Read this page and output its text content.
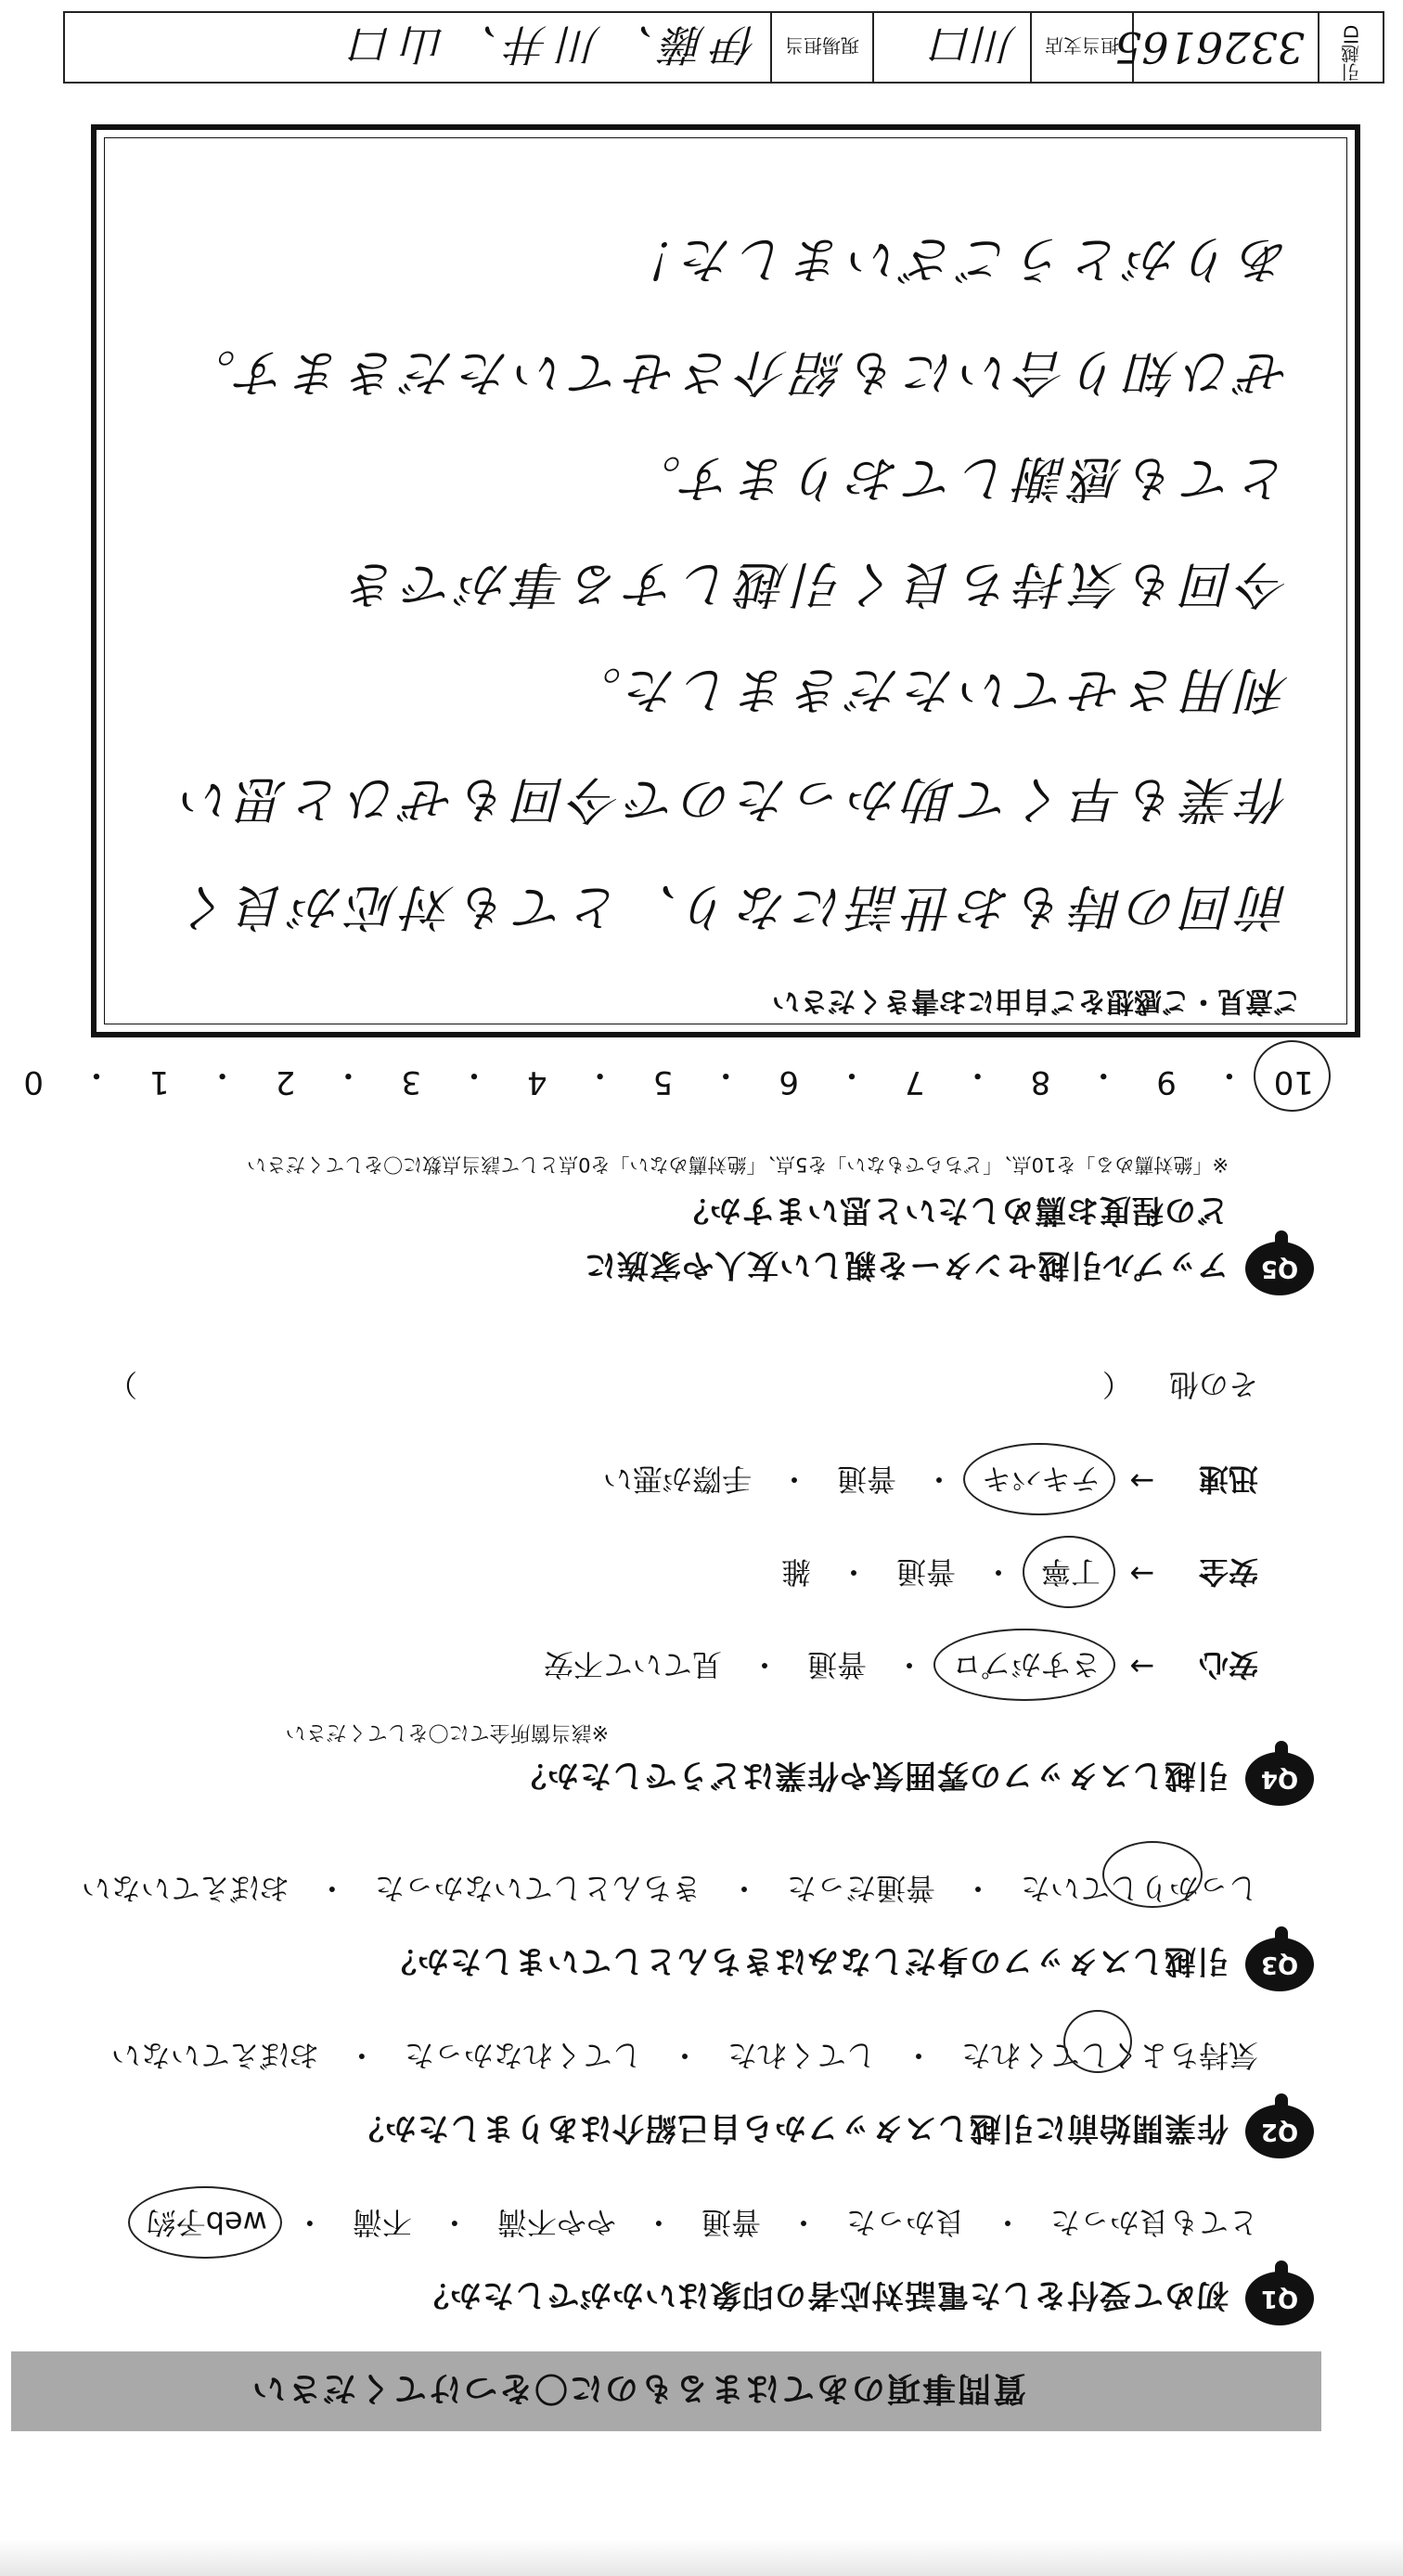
質問事項のあてはまるものに〇をつけてください
Q1
初めて受付をした電話対応者の印象はいかがでしたか？
とても良かった
・
良かった
・
普通
・
やや不満
・
不満
・
web予約
Q2
作業開始前に引越しスタッフから自己紹介はありましたか？
気持ちよくしてくれた
・
してくれた
・
してくれなかった
・
おぼえていない
Q3
引越しスタッフの身だしなみはきちんとしていましたか？
しっかりしていた
・
普通だった
・
きちんとしていなかった
・
おぼえていない
Q4
引越しスタッフの雰囲気や作業はどうでしたか？
※該当箇所全てに〇をしてください
安心
→
さすがプロ
・
普通
・
見ていて不安
安全
→
丁寧
・
普通
・
雑
迅速
→
テキパキ
・
普通
・
手際が悪い
その他
（
）
Q5
アップル引越センターを親しい友人や家族に
どの程度お薦めしたいと思いますか？
※「絶対薦める」を10点、「どちらでもない」を5点、「絶対薦めない」を0点として該当点数に〇をしてください
10
・
9
・
8
・
7
・
6
・
5
・
4
・
3
・
2
・
1
・
0
前回の時もお世話になり、とても対応が良く
作業も早くて助かったので今回もぜひと思い
利用させていただきました。
今回も気持ち良く引越しする事ができ
とても感謝しております。
ぜひ知り合いにも紹介させていただきます。
ありがとうございました！
ご意見・ご感想をご自由にお書きください
引越ID
3326165
担当支店
川口
現場担当
伊藤、川井、山口
